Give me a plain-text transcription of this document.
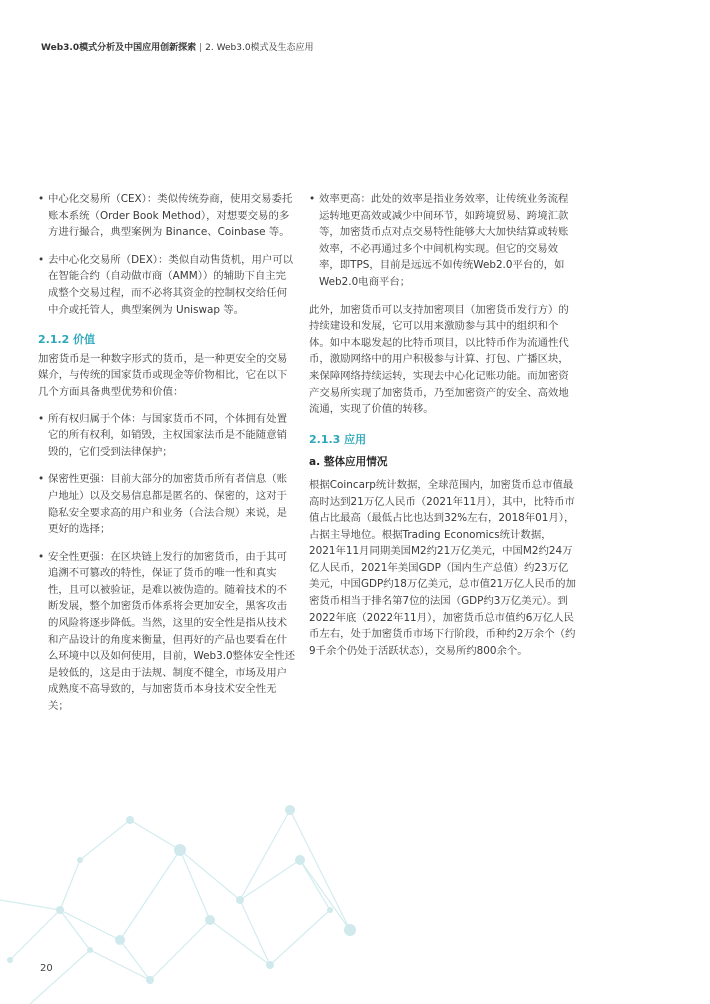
Web3.0模式分析及中国应用创新探索 | 2. Web3.0模式及生态应用
• 中心化交易所（CEX）：类似传统券商，使用交易委托账本系统（Order Book Method），对想要交易的多方进行撮合，典型案例为 Binance、Coinbase 等。
• 去中心化交易所（DEX）：类似自动售货机，用户可以在智能合约（自动做市商（AMM））的辅助下自主完成整个交易过程，而不必将其资金的控制权交给任何中介或托管人，典型案例为 Uniswap 等。
2.1.2 价值
加密货币是一种数字形式的货币，是一种更安全的交易媒介，与传统的国家货币或现金等价物相比，它在以下几个方面具备典型优势和价值：
• 所有权归属于个体：与国家货币不同，个体拥有处置它的所有权利，如销毁，主权国家法币是不能随意销毁的，它们受到法律保护；
• 保密性更强：目前大部分的加密货币所有者信息（账户地址）以及交易信息都是匿名的、保密的，这对于隐私安全要求高的用户和业务（合法合规）来说，是更好的选择；
• 安全性更强：在区块链上发行的加密货币，由于其可追溯不可篡改的特性，保证了货币的唯一性和真实性，且可以被验证，是难以被伪造的。随着技术的不断发展，整个加密货币体系将会更加安全，黑客攻击的风险将逐步降低。当然，这里的安全性是指从技术和产品设计的角度来衡量，但再好的产品也要看在什么环境中以及如何使用，目前，Web3.0整体安全性还是较低的，这是由于法规、制度不健全，市场及用户成熟度不高导致的，与加密货币本身技术安全性无关；
• 效率更高：此处的效率是指业务效率，让传统业务流程运转地更高效或减少中间环节，如跨境贸易、跨境汇款等，加密货币点对点交易特性能够大大加快结算或转账效率，不必再通过多个中间机构实现。但它的交易效率，即TPS，目前是远远不如传统Web2.0平台的，如Web2.0电商平台；
此外，加密货币可以支持加密项目（加密货币发行方）的持续建设和发展，它可以用来激励参与其中的组织和个体。如中本聪发起的比特币项目，以比特币作为流通性代币，激励网络中的用户积极参与计算、打包、广播区块，来保障网络持续运转，实现去中心化记账功能。而加密资产交易所实现了加密货币，乃至加密资产的安全、高效地流通，实现了价值的转移。
2.1.3 应用
a. 整体应用情况
根据Coincarp统计数据，全球范围内，加密货币总市值最高时达到21万亿人民币（2021年11月），其中，比特币市值占比最高（最低占比也达到32%左右，2018年01月），占据主导地位。根据Trading Economics统计数据，2021年11月同期美国M2约21万亿美元，中国M2约24万亿人民币，2021年美国GDP（国内生产总值）约23万亿美元，中国GDP约18万亿美元，总市值21万亿人民币的加密货币相当于排名第7位的法国（GDP约3万亿美元）。到2022年底（2022年11月），加密货币总市值约6万亿人民币左右，处于加密货币市场下行阶段，币种约2万余个（约9千余个仍处于活跃状态），交易所约800余个。
20
